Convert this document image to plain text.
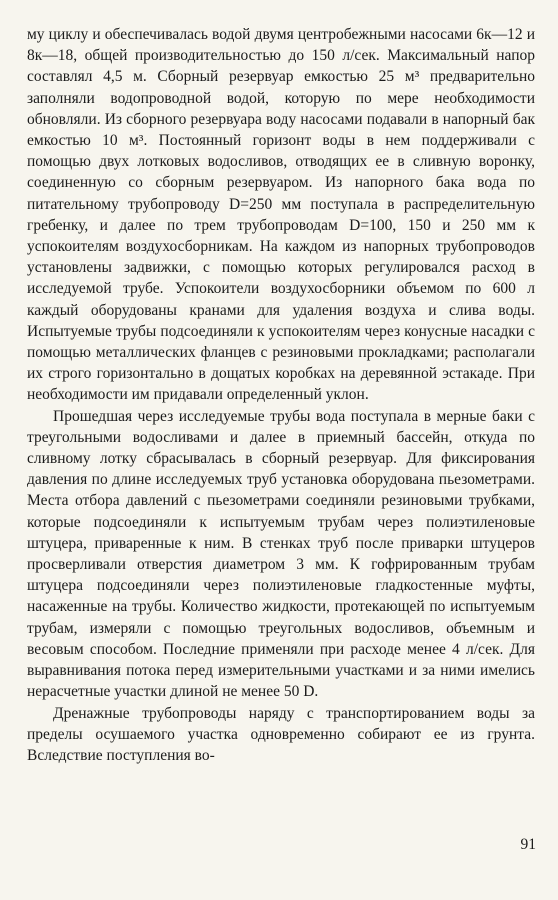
му циклу и обеспечивалась водой двумя центробежными насосами 6к—12 и 8к—18, общей производительностью до 150 л/сек. Максимальный напор составлял 4,5 м. Сборный резервуар емкостью 25 м³ предварительно заполняли водопроводной водой, которую по мере необходимости обновляли. Из сборного резервуара воду насосами подавали в напорный бак емкостью 10 м³. Постоянный горизонт воды в нем поддерживали с помощью двух лотковых водосливов, отводящих ее в сливную воронку, соединенную со сборным резервуаром. Из напорного бака вода по питательному трубопроводу D=250 мм поступала в распределительную гребенку, и далее по трем трубопроводам D=100, 150 и 250 мм к успокоителям воздухосборникам. На каждом из напорных трубопроводов установлены задвижки, с помощью которых регулировался расход в исследуемой трубе. Успокоители воздухосборники объемом по 600 л каждый оборудованы кранами для удаления воздуха и слива воды. Испытуемые трубы подсоединяли к успокоителям через конусные насадки с помощью металлических фланцев с резиновыми прокладками; располагали их строго горизонтально в дощатых коробках на деревянной эстакаде. При необходимости им придавали определенный уклон.

Прошедшая через исследуемые трубы вода поступала в мерные баки с треугольными водосливами и далее в приемный бассейн, откуда по сливному лотку сбрасывалась в сборный резервуар. Для фиксирования давления по длине исследуемых труб установка оборудована пьезометрами. Места отбора давлений с пьезометрами соединяли резиновыми трубками, которые подсоединяли к испытуемым трубам через полиэтиленовые штуцера, приваренные к ним. В стенках труб после приварки штуцеров просверливали отверстия диаметром 3 мм. К гофрированным трубам штуцера подсоединяли через полиэтиленовые гладкостенные муфты, насаженные на трубы. Количество жидкости, протекающей по испытуемым трубам, измеряли с помощью треугольных водосливов, объемным и весовым способом. Последние применяли при расходе менее 4 л/сек. Для выравнивания потока перед измерительными участками и за ними имелись нерасчетные участки длиной не менее 50 D.

Дренажные трубопроводы наряду с транспортированием воды за пределы осушаемого участка одновременно собирают ее из грунта. Вследствие поступления во-

91
